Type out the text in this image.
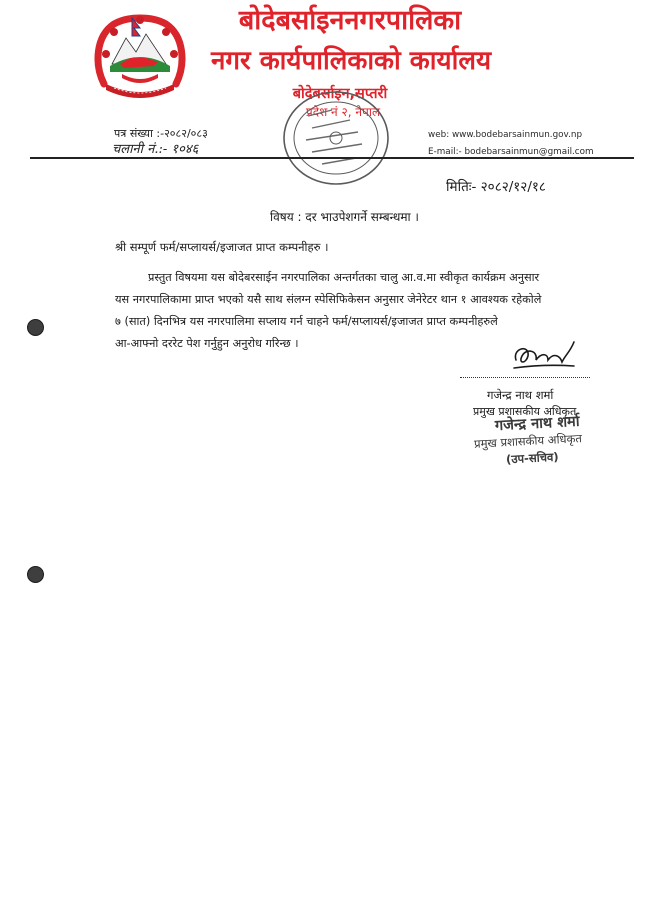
बोदेबर्साइननगरपालिका
नगर कार्यपालिकाको कार्यालय
बोदेबर्साइन,सप्तरी
प्रदेश नं २, नेपाल
पत्र संख्या :-२०८२/०८३
चलानी नं.:- १०४६
web: www.bodebarsainmun.gov.np
E-mail:- bodebarsainmun@gmail.com
मितिः- २०८२/१२/१८
विषय : दर भाउपेशगर्ने सम्बन्धमा ।
श्री सम्पूर्ण फर्म/सप्लायर्स/इजाजत प्राप्त कम्पनीहरु ।
प्रस्तुत विषयमा यस बोदेबरसाईन नगरपालिका अन्तर्गतका चालु आ.व.मा स्वीकृत कार्यक्रम अनुसार
यस नगरपालिकामा प्राप्त भएको यसै साथ संलग्न स्पेसिफिकेसन अनुसार जेनेरेटर थान १ आवश्यक रहेकोले
७ (सात) दिनभित्र यस नगरपालिमा सप्लाय गर्न चाहने फर्म/सप्लायर्स/इजाजत प्राप्त कम्पनीहरुले
आ-आफ्नो दररेट पेश गर्नुहुन अनुरोध गरिन्छ ।
गजेन्द्र नाथ शर्मा
प्रमुख प्रशासकीय अधिकृत
गजेन्द्र नाथ शर्मा
प्रमुख प्रशासकीय अधिकृत
(उप-सचिव)
